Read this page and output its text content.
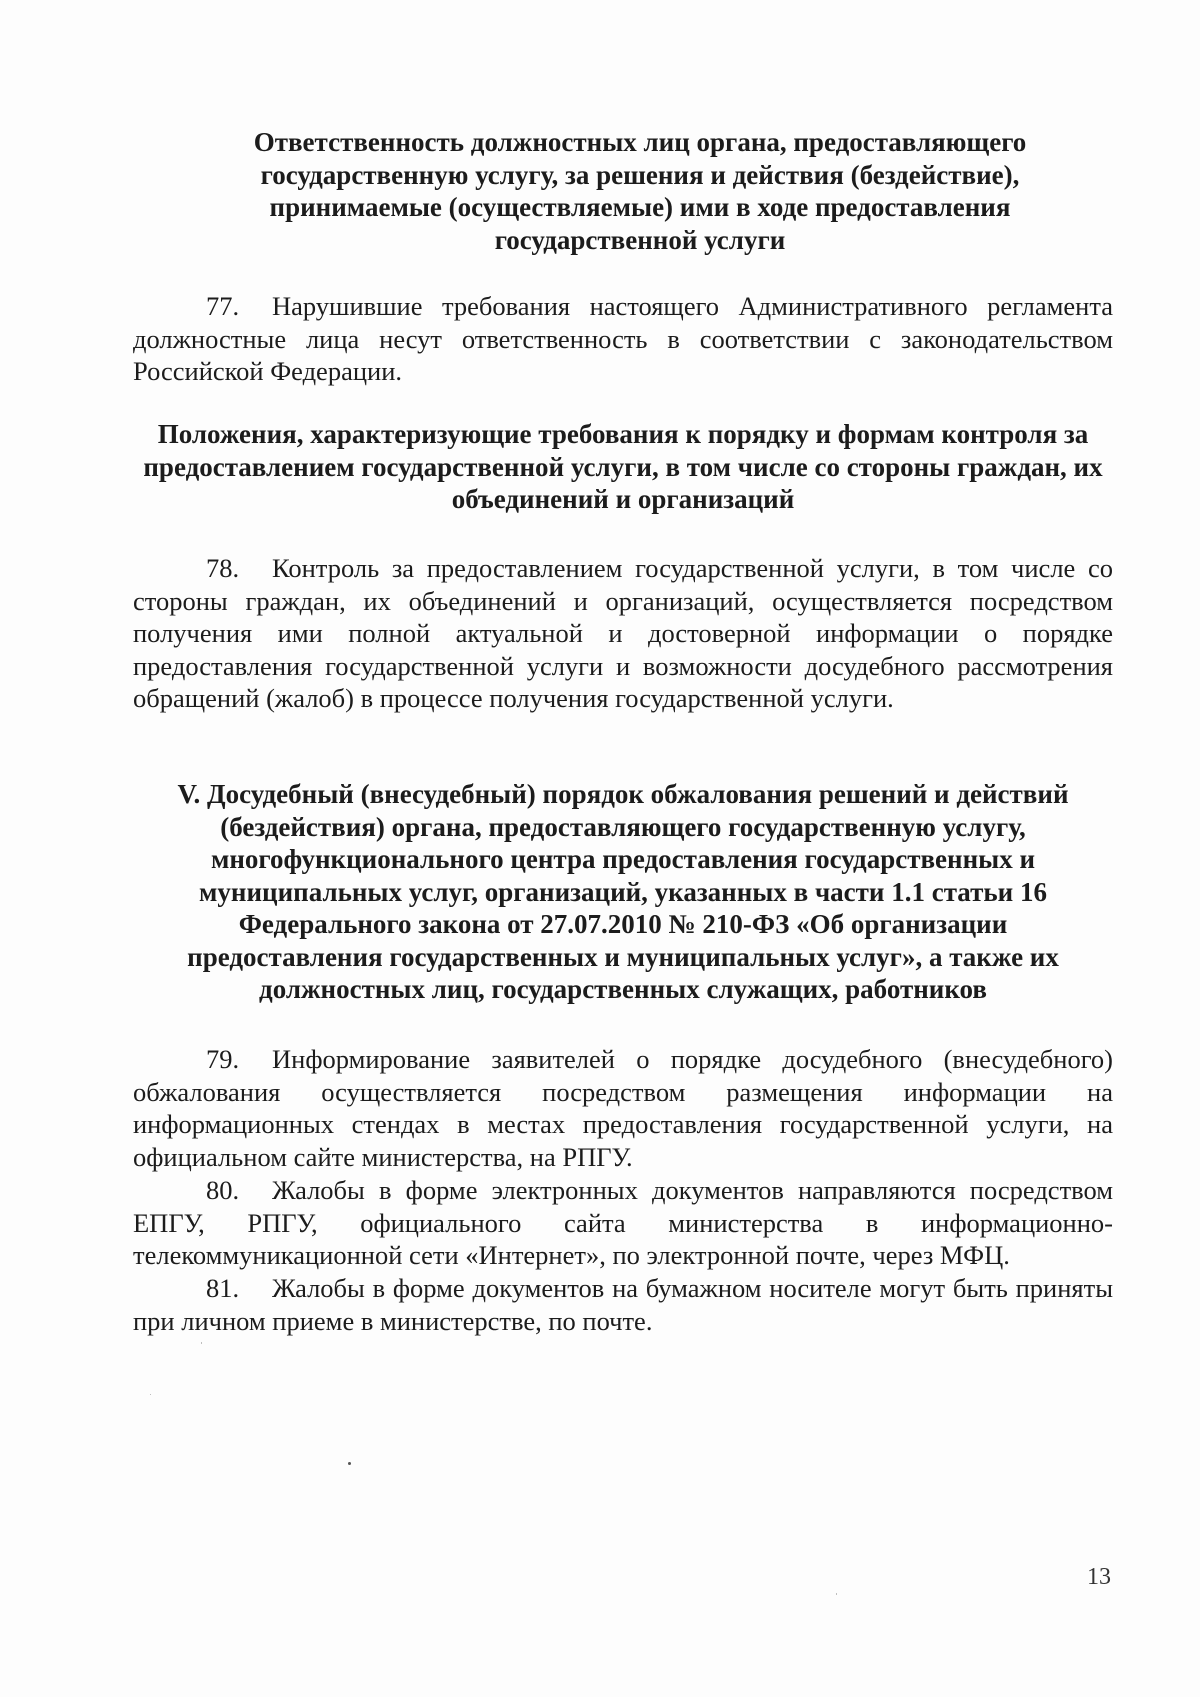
Ответственность должностных лиц органа, предоставляющего государственную услугу, за решения и действия (бездействие), принимаемые (осуществляемые) ими в ходе предоставления государственной услуги

77. Нарушившие требования настоящего Административного регламента должностные лица несут ответственность в соответствии с законодательством Российской Федерации.

Положения, характеризующие требования к порядку и формам контроля за предоставлением государственной услуги, в том числе со стороны граждан, их объединений и организаций

78. Контроль за предоставлением государственной услуги, в том числе со стороны граждан, их объединений и организаций, осуществляется посредством получения ими полной актуальной и достоверной информации о порядке предоставления государственной услуги и возможности досудебного рассмотрения обращений (жалоб) в процессе получения государственной услуги.

V. Досудебный (внесудебный) порядок обжалования решений и действий (бездействия) органа, предоставляющего государственную услугу, многофункционального центра предоставления государственных и муниципальных услуг, организаций, указанных в части 1.1 статьи 16 Федерального закона от 27.07.2010 № 210-ФЗ «Об организации предоставления государственных и муниципальных услуг», а также их должностных лиц, государственных служащих, работников

79. Информирование заявителей о порядке досудебного (внесудебного) обжалования осуществляется посредством размещения информации на информационных стендах в местах предоставления государственной услуги, на официальном сайте министерства, на РПГУ.

80. Жалобы в форме электронных документов направляются посредством ЕПГУ, РПГУ, официального сайта министерства в информационно-телекоммуникационной сети «Интернет», по электронной почте, через МФЦ.

81. Жалобы в форме документов на бумажном носителе могут быть приняты при личном приеме в министерстве, по почте.

13
